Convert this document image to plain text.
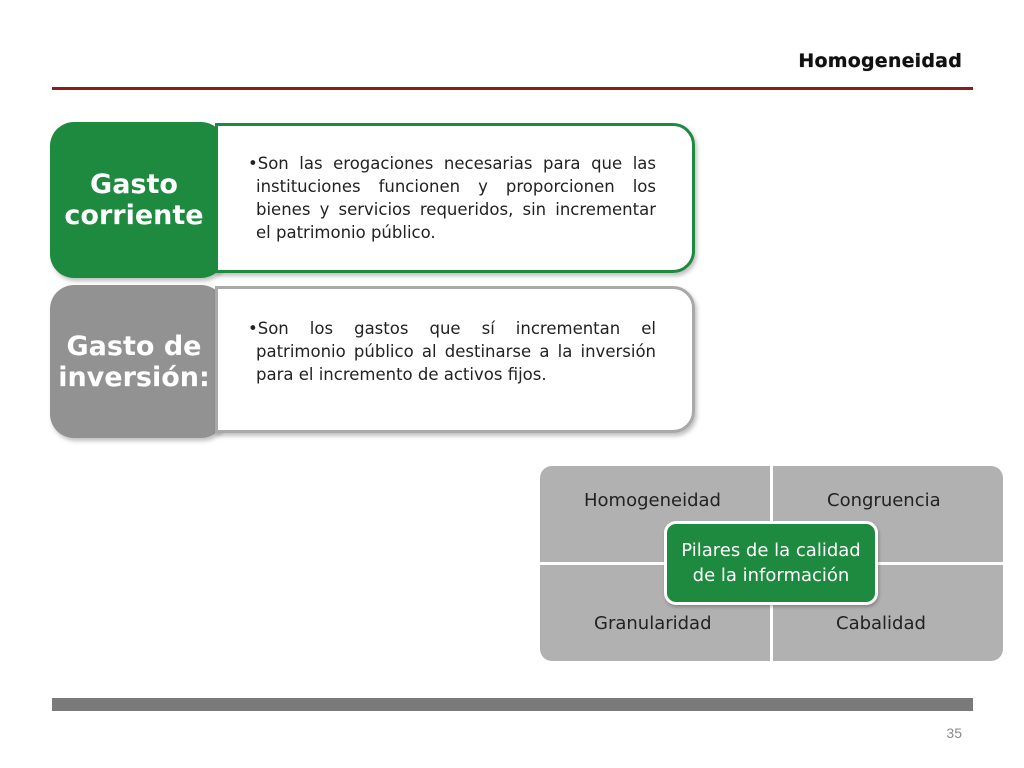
Homogeneidad
•Son las erogaciones necesarias para que las instituciones funcionen y proporcionen los bienes y servicios requeridos, sin incrementar el patrimonio público.
Gasto
corriente
•Son los gastos que sí incrementan el patrimonio público al destinarse a la inversión para el incremento de activos fijos.
Gasto de
inversión:
Homogeneidad	Congruencia
Granularidad	Cabalidad
Pilares de la calidad
de la información
35
